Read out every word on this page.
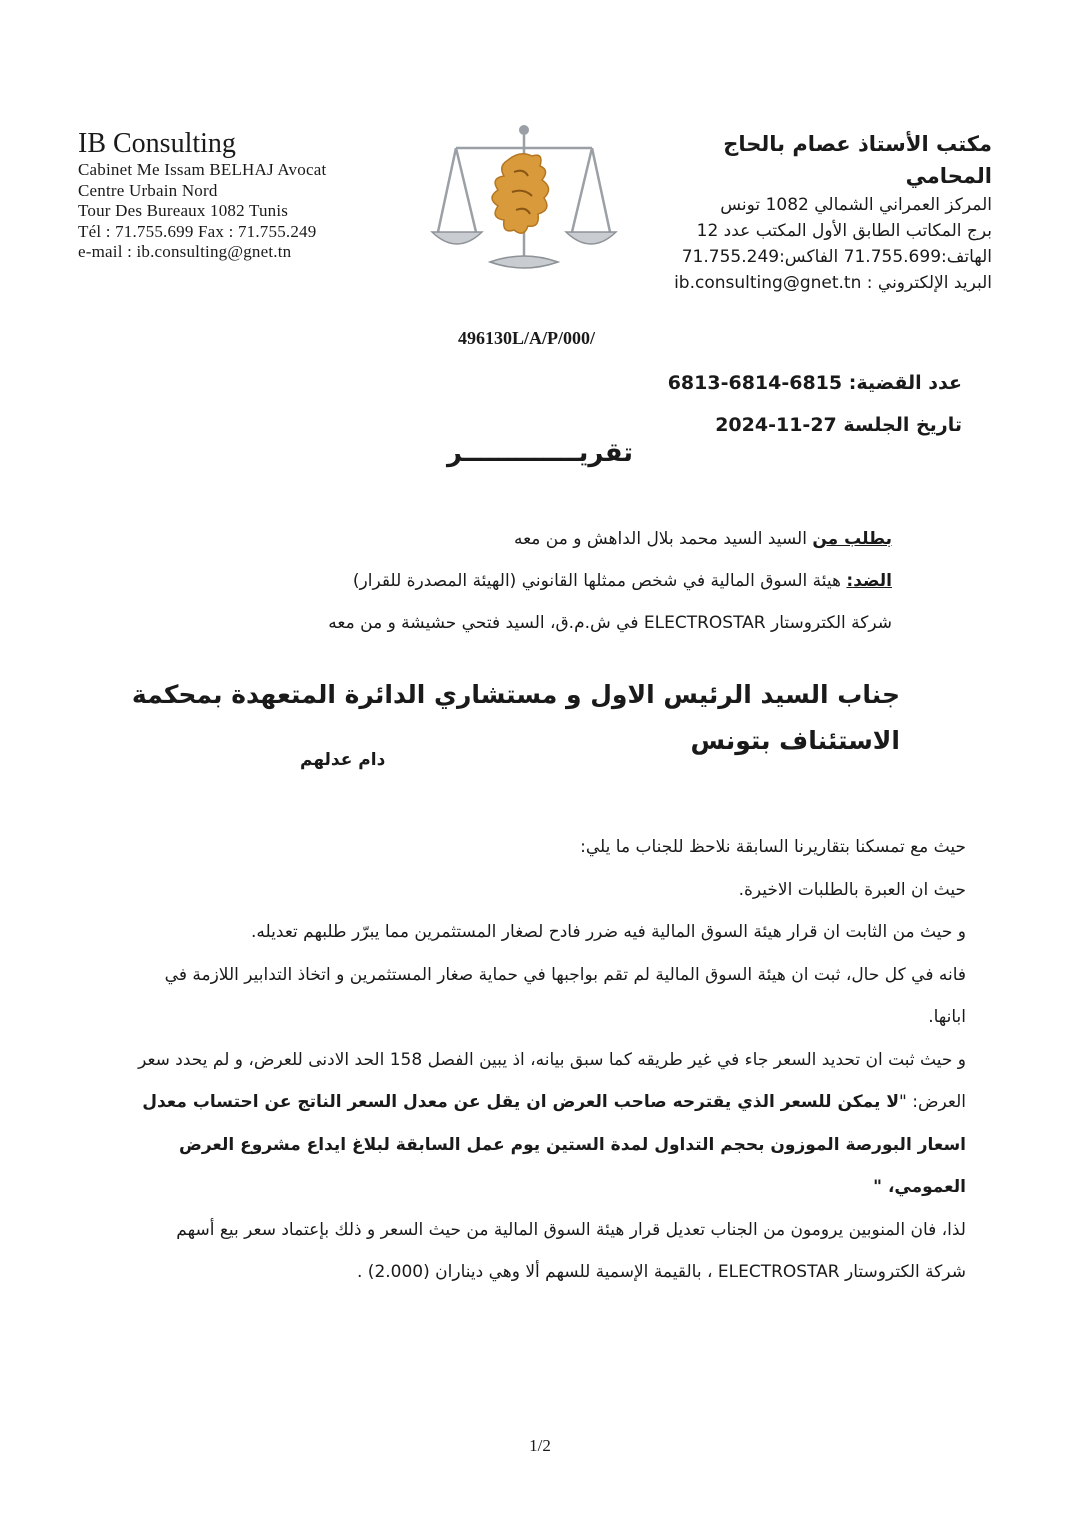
IB Consulting
Cabinet Me Issam BELHAJ Avocat
Centre Urbain Nord
Tour Des Bureaux 1082 Tunis
Tél : 71.755.699 Fax : 71.755.249
e-mail : ib.consulting@gnet.tn
مكتب الأستاذ عصام بالحاج المحامي
المركز العمراني الشمالي 1082 تونس
برج المكاتب الطابق الأول المكتب عدد 12
الهاتف:71.755.699 الفاكس:71.755.249
البريد الإلكتروني : ib.consulting@gnet.tn
496130L/A/P/000/
عدد القضية: 6813-6814-6815
تاريخ الجلسة 27-11-2024
تقريـــــــــــــر
بطلب من السيد السيد محمد بلال الداهش و من معه
الضد: هيئة السوق المالية في شخص ممثلها القانوني (الهيئة المصدرة للقرار)
شركة الكتروستار ELECTROSTAR في ش.م.ق، السيد فتحي حشيشة و من معه
جناب السيد الرئيس الاول و مستشاري الدائرة المتعهدة بمحكمة الاستئناف بتونس
دام عدلهم

حيث مع تمسكنا بتقاريرنا السابقة نلاحظ للجناب ما يلي:

حيث ان العبرة بالطلبات الاخيرة.

و حيث من الثابت ان قرار هيئة السوق المالية فيه ضرر فادح لصغار المستثمرين مما يبرّر طلبهم تعديله.

فانه في كل حال، ثبت ان هيئة السوق المالية لم تقم بواجبها في حماية صغار المستثمرين و اتخاذ التدابير اللازمة في ابانها.

و حيث ثبت ان تحديد السعر جاء في غير طريقه كما سبق بيانه، اذ يبين الفصل 158 الحد الادنى للعرض، و لم يحدد سعر العرض: "لا يمكن للسعر الذي يقترحه صاحب العرض ان يقل عن معدل السعر الناتج عن احتساب معدل اسعار البورصة الموزون بحجم التداول لمدة الستين يوم عمل السابقة لبلاغ ايداع مشروع العرض العمومي، "

لذا، فان المنوبين يرومون من الجناب تعديل قرار هيئة السوق المالية من حيث السعر و ذلك بإعتماد سعر بيع أسهم شركة الكتروستار ELECTROSTAR ، بالقيمة الإسمية للسهم ألا وهي ديناران (2.000) .

1/2
